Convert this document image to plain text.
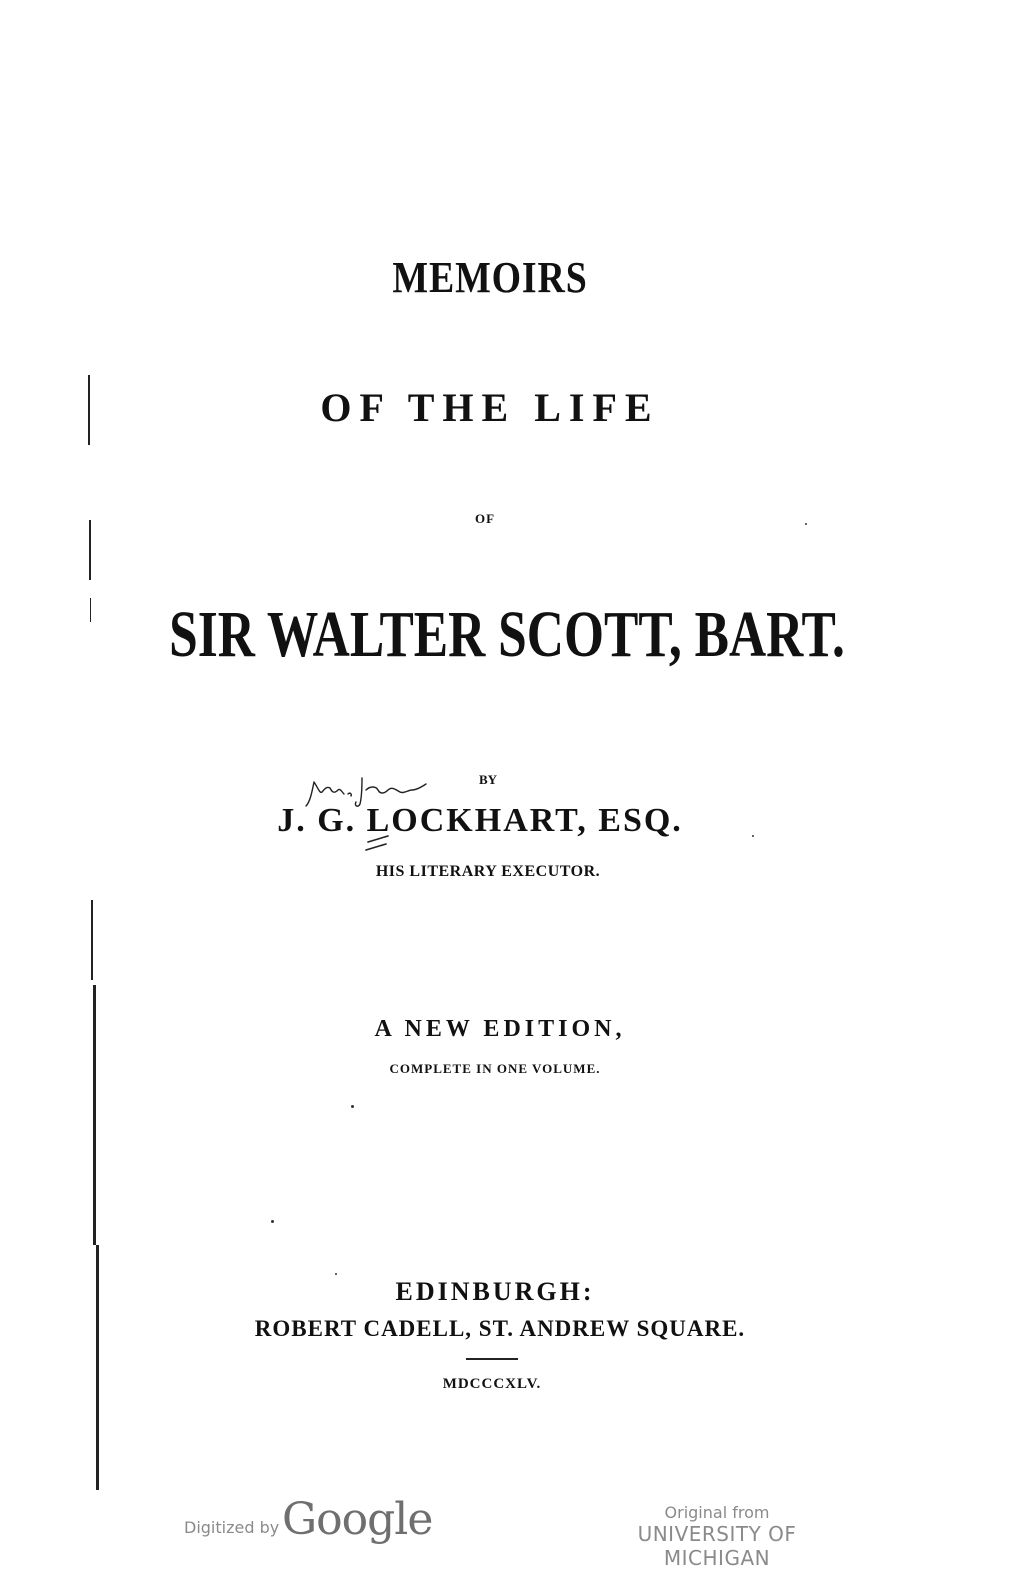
MEMOIRS
OF THE LIFE
OF
SIR WALTER SCOTT, BART.
BY
J. G. LOCKHART, ESQ.
HIS LITERARY EXECUTOR.
A NEW EDITION,
COMPLETE IN ONE VOLUME.
EDINBURGH:
ROBERT CADELL, ST. ANDREW SQUARE.
MDCCCXLV.
Digitized by Google	Original from
UNIVERSITY OF MICHIGAN
